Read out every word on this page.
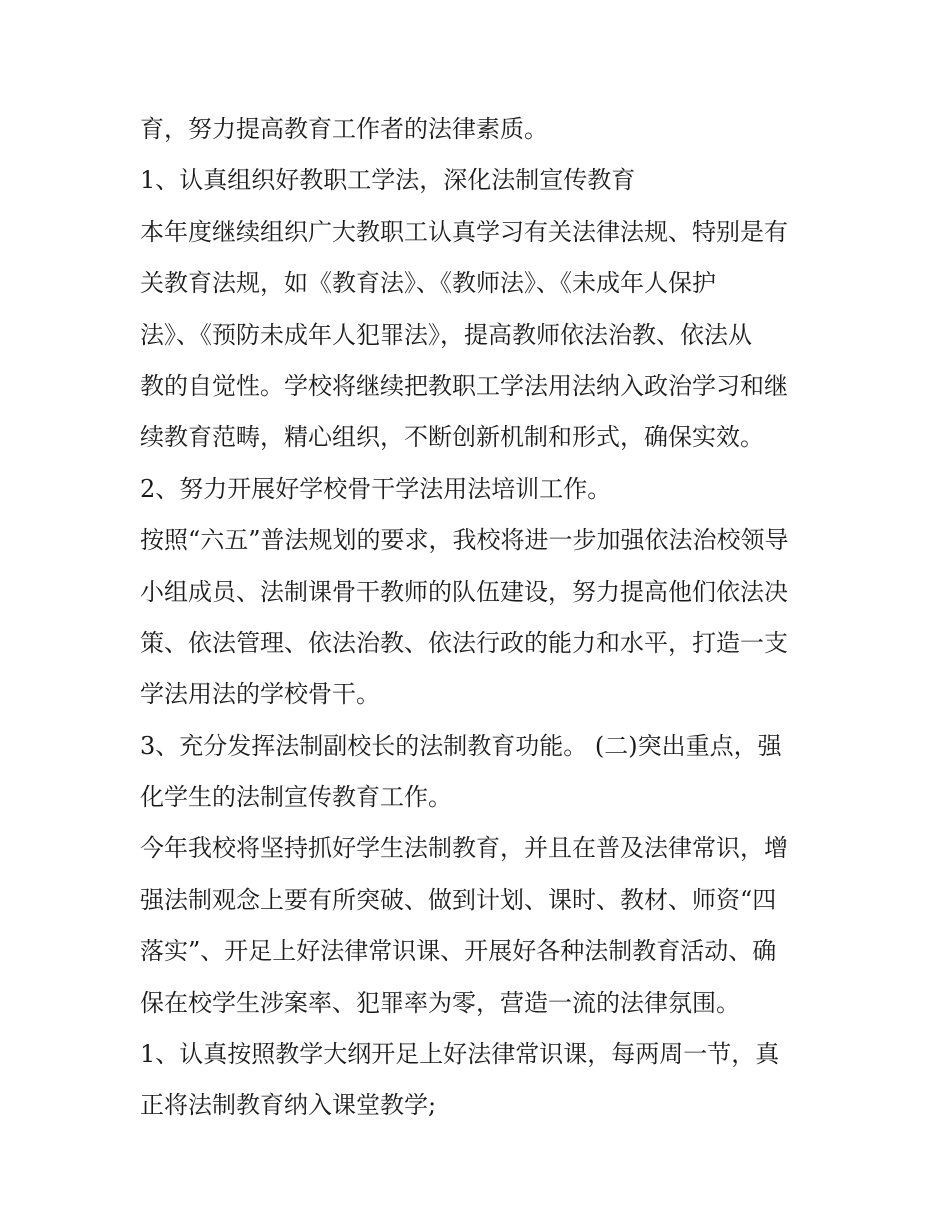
育，努力提高教育工作者的法律素质。
1、认真组织好教职工学法，深化法制宣传教育
本年度继续组织广大教职工认真学习有关法律法规、特别是有
关教育法规，如《教育法》、《教师法》、《未成年人保护
法》、《预防未成年人犯罪法》，提高教师依法治教、依法从
教的自觉性。学校将继续把教职工学法用法纳入政治学习和继
续教育范畴，精心组织，不断创新机制和形式，确保实效。
2、努力开展好学校骨干学法用法培训工作。
按照“六五”普法规划的要求，我校将进一步加强依法治校领导
小组成员、法制课骨干教师的队伍建设，努力提高他们依法决
策、依法管理、依法治教、依法行政的能力和水平，打造一支
学法用法的学校骨干。
3、充分发挥法制副校长的法制教育功能。 (二)突出重点，强
化学生的法制宣传教育工作。
今年我校将坚持抓好学生法制教育，并且在普及法律常识，增
强法制观念上要有所突破、做到计划、课时、教材、师资“四
落实”、开足上好法律常识课、开展好各种法制教育活动、确
保在校学生涉案率、犯罪率为零，营造一流的法律氛围。
1、认真按照教学大纲开足上好法律常识课，每两周一节，真
正将法制教育纳入课堂教学;
